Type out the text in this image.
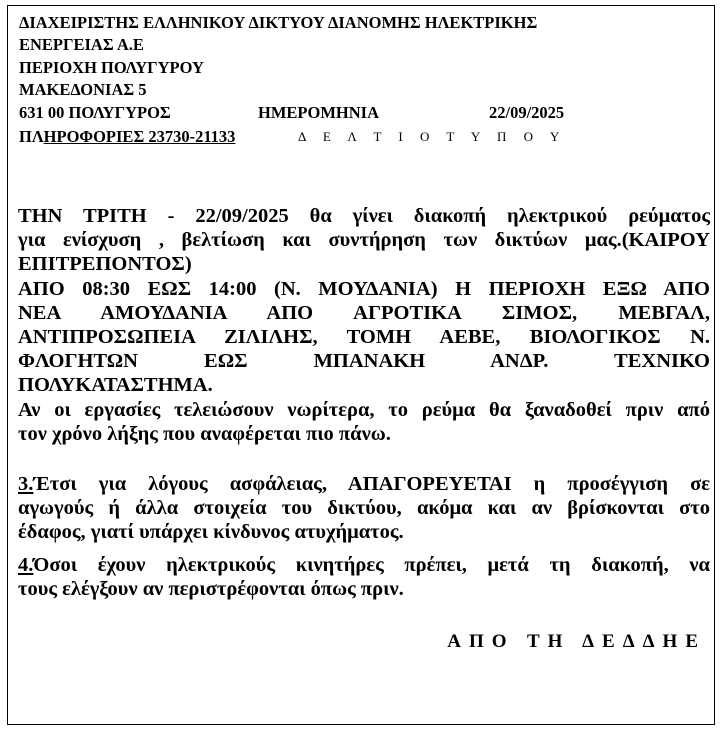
ΔΙΑΧΕΙΡΙΣΤΗΣ ΕΛΛΗΝΙΚΟΥ ΔΙΚΤΥΟΥ ΔΙΑΝΟΜΗΣ ΗΛΕΚΤΡΙΚΗΣ
ΕΝΕΡΓΕΙΑΣ Α.Ε
ΠΕΡΙΟΧΗ ΠΟΛΥΓΥΡΟΥ
ΜΑΚΕΔΟΝΙΑΣ 5
631 00 ΠΟΛΥΓΥΡΟΣ	ΗΜΕΡΟΜΗΝΙΑ	22/09/2025
ΠΛΗΡΟΦΟΡΙΕΣ 23730-21133	Δ Ε Λ Τ Ι Ο Τ Υ Π Ο Υ

ΤΗΝ ΤΡΙΤΗ - 22/09/2025 θα γίνει διακοπή ηλεκτρικού ρεύματος

για ενίσχυση , βελτίωση και συντήρηση των δικτύων μας.(ΚΑΙΡΟΥ

ΕΠΙΤΡΕΠΟΝΤΟΣ)

ΑΠΟ 08:30 ΕΩΣ 14:00 (Ν. ΜΟΥΔΑΝΙΑ) Η ΠΕΡΙΟΧΗ ΕΞΩ ΑΠΟ

ΝΕΑ ΑΜΟΥΔΑΝΙΑ ΑΠΟ ΑΓΡΟΤΙΚΑ ΣΙΜΟΣ, ΜΕΒΓΑΛ,

ΑΝΤΙΠΡΟΣΩΠΕΙΑ ΖΙΛΙΛΗΣ, ΤΟΜΗ ΑΕΒΕ, ΒΙΟΛΟΓΙΚΟΣ Ν.

ΦΛΟΓΗΤΩΝ ΕΩΣ ΜΠΑΝΑΚΗ ΑΝΔΡ. ΤΕΧΝΙΚΟ

ΠΟΛΥΚΑΤΑΣΤΗΜΑ.

Αν οι εργασίες τελειώσουν νωρίτερα, το ρεύμα θα ξαναδοθεί πριν από

τον χρόνο λήξης που αναφέρεται πιο πάνω.

3.Έτσι για λόγους ασφάλειας, ΑΠΑΓΟΡΕΥΕΤΑΙ η προσέγγιση σε

αγωγούς ή άλλα στοιχεία του δικτύου, ακόμα και αν βρίσκονται στο

έδαφος, γιατί υπάρχει κίνδυνος ατυχήματος.

4.Όσοι έχουν ηλεκτρικούς κινητήρες πρέπει, μετά τη διακοπή, να

τους ελέγξουν αν περιστρέφονται όπως πριν.

ΑΠΟ ΤΗ ΔΕΔΔΗΕ
